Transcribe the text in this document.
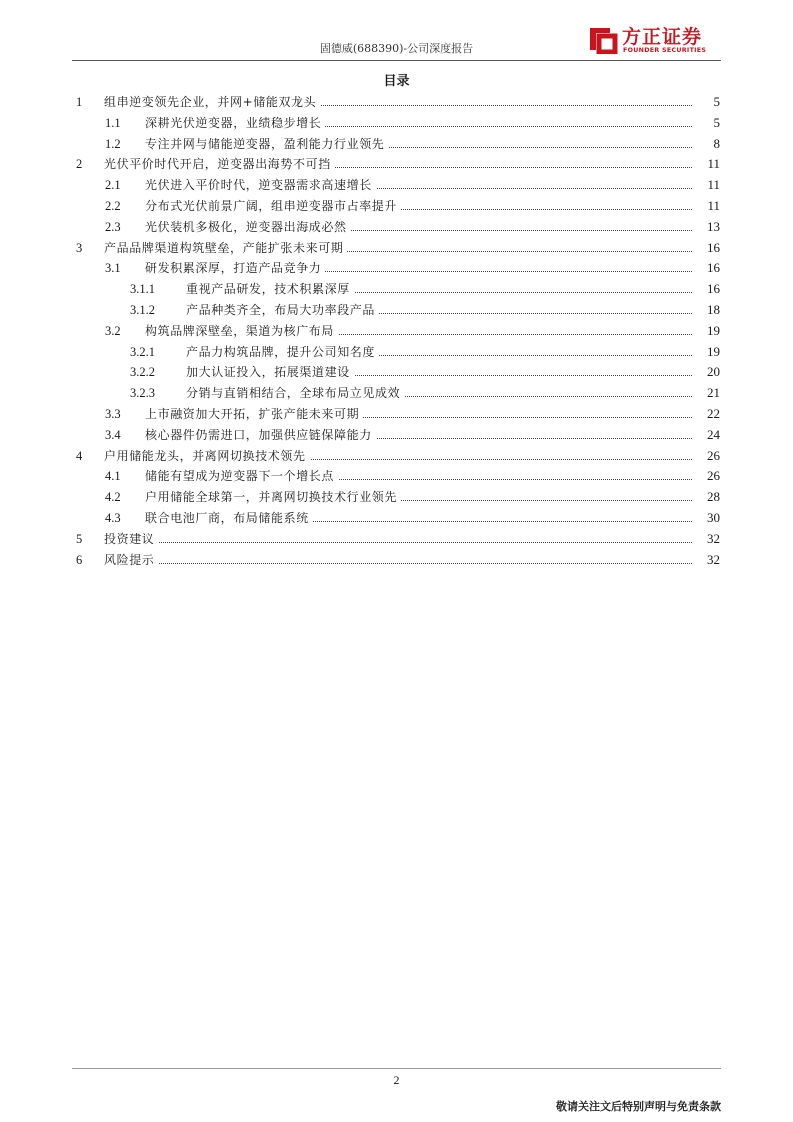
固德威(688390)-公司深度报告
方正证券
FOUNDER SECURITIES
目录
1 组串逆变领先企业，并网+储能双龙头	5
1.1 深耕光伏逆变器，业绩稳步增长	5
1.2 专注并网与储能逆变器，盈利能力行业领先	8
2 光伏平价时代开启，逆变器出海势不可挡	11
2.1 光伏进入平价时代，逆变器需求高速增长	11
2.2 分布式光伏前景广阔，组串逆变器市占率提升	11
2.3 光伏装机多极化，逆变器出海成必然	13
3 产品品牌渠道构筑壁垒，产能扩张未来可期	16
3.1 研发积累深厚，打造产品竞争力	16
3.1.1	重视产品研发，技术积累深厚	16
3.1.2	产品种类齐全，布局大功率段产品	18
3.2 构筑品牌深壁垒，渠道为核广布局	19
3.2.1	产品力构筑品牌，提升公司知名度	19
3.2.2	加大认证投入，拓展渠道建设	20
3.2.3	分销与直销相结合，全球布局立见成效	21
3.3 上市融资加大开拓，扩张产能未来可期	22
3.4 核心器件仍需进口，加强供应链保障能力	24
4 户用储能龙头，并离网切换技术领先	26
4.1 储能有望成为逆变器下一个增长点	26
4.2 户用储能全球第一，并离网切换技术行业领先	28
4.3 联合电池厂商，布局储能系统	30
5 投资建议	32
6 风险提示	32
2
敬请关注文后特别声明与免责条款
